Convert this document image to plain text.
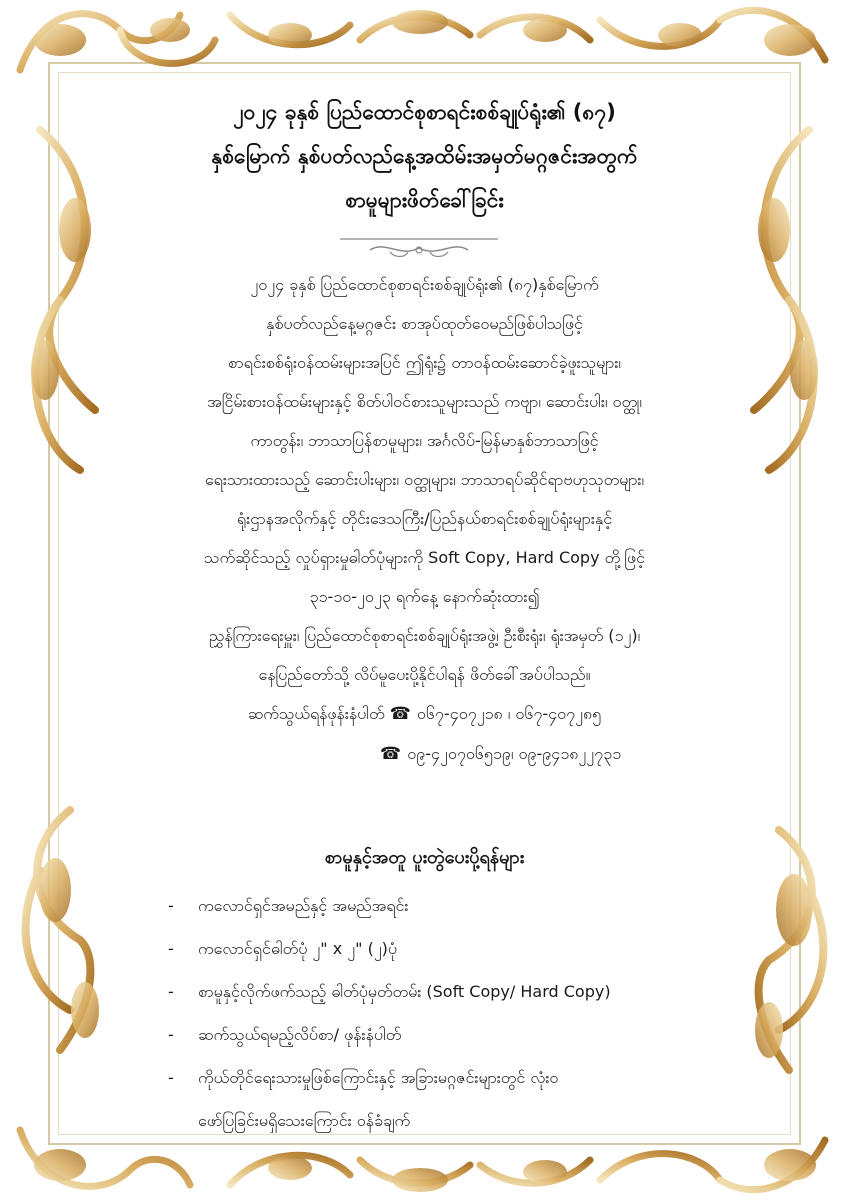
၂၀၂၄ ခုနှစ် ပြည်ထောင်စုစာရင်းစစ်ချုပ်ရုံး၏ (၈၇)
နှစ်မြောက် နှစ်ပတ်လည်နေ့အထိမ်းအမှတ်မဂ္ဂဇင်းအတွက်
စာမူများဖိတ်ခေါ်ခြင်း
၂၀၂၄ ခုနှစ် ပြည်ထောင်စုစာရင်းစစ်ချုပ်ရုံး၏ (၈၇)နှစ်မြောက်
နှစ်ပတ်လည်နေ့မဂ္ဂဇင်း စာအုပ်ထုတ်ဝေမည်ဖြစ်ပါသဖြင့်
စာရင်းစစ်ရုံးဝန်ထမ်းများအပြင် ဤရုံး၌ တာဝန်ထမ်းဆောင်ခဲ့ဖူးသူများ၊
အငြိမ်းစားဝန်ထမ်းများနှင့် စိတ်ပါဝင်စားသူများသည် ကဗျာ၊ ဆောင်းပါး၊ ဝတ္ထု၊
ကာတွန်း၊ ဘာသာပြန်စာမူများ၊ အင်္ဂလိပ်-မြန်မာနှစ်ဘာသာဖြင့်
ရေးသားထားသည့် ဆောင်းပါးများ၊ ဝတ္ထုများ၊ ဘာသာရပ်ဆိုင်ရာဗဟုသုတများ၊
ရုံးဌာနအလိုက်နှင့် တိုင်းဒေသကြီး/ပြည်နယ်စာရင်းစစ်ချုပ်ရုံးများနှင့်
သက်ဆိုင်သည့် လှုပ်ရှားမှုဓါတ်ပုံများကို Soft Copy, Hard Copy တို့ဖြင့်
၃၁-၁၀-၂၀၂၃ ရက်နေ့ နောက်ဆုံးထား၍
ညွှန်ကြားရေးမှူး၊ ပြည်ထောင်စုစာရင်းစစ်ချုပ်ရုံးအဖွဲ့၊ ဦးစီးရုံး၊ ရုံးအမှတ် (၁၂)၊
နေပြည်တော်သို့ လိပ်မူပေးပို့နိုင်ပါရန် ဖိတ်ခေါ်အပ်ပါသည်။
ဆက်သွယ်ရန်ဖုန်းနံပါတ် ☎ ၀၆၇-၄၀၇၂၁၈ ၊ ၀၆၇-၄၀၇၂၈၅
☎ ၀၉-၄၂၀၇၀၆၅၁၉၊ ၀၉-၉၄၁၈၂၂၇၃၁
စာမူနှင့်အတူ ပူးတွဲပေးပို့ရန်များ
-	ကလောင်ရှင်အမည်နှင့် အမည်အရင်း
-	ကလောင်ရှင်ဓါတ်ပုံ ၂" x ၂" (၂)ပုံ
-	စာမူနှင့်လိုက်ဖက်သည့် ဓါတ်ပုံမှတ်တမ်း (Soft Copy/ Hard Copy)
-	ဆက်သွယ်ရမည့်လိပ်စာ/ ဖုန်းနံပါတ်
-	ကိုယ်တိုင်ရေးသားမှုဖြစ်ကြောင်းနှင့် အခြားမဂ္ဂဇင်းများတွင် လုံးဝ
ဖော်ပြခြင်းမရှိသေးကြောင်း ဝန်ခံချက်
